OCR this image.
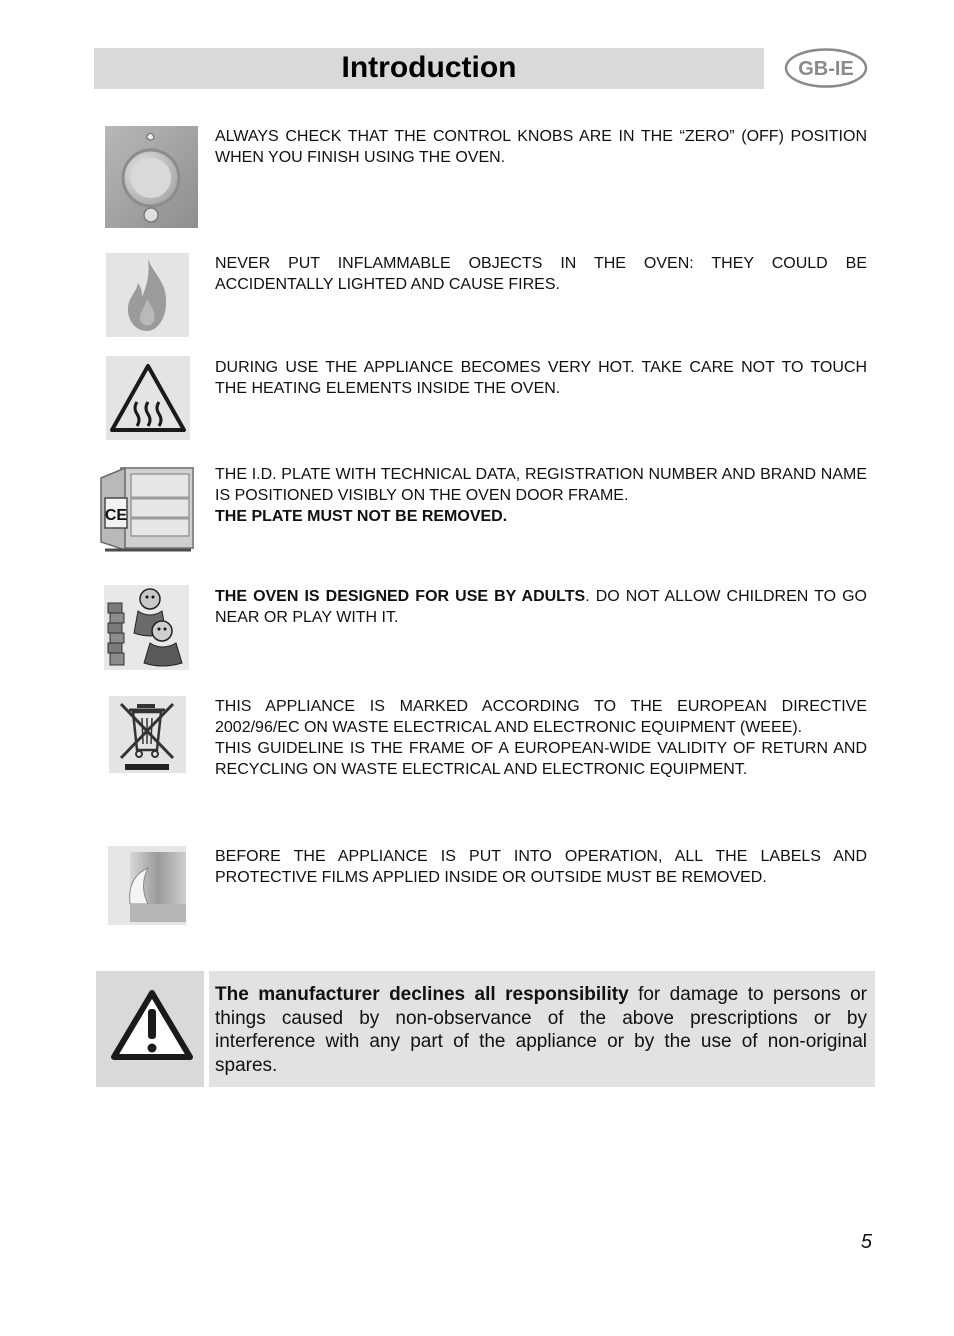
Introduction	GB-IE

ALWAYS CHECK THAT THE CONTROL KNOBS ARE IN THE “ZERO” (OFF) POSITION WHEN YOU FINISH USING THE OVEN.

NEVER PUT INFLAMMABLE OBJECTS IN THE OVEN: THEY COULD BE ACCIDENTALLY LIGHTED AND CAUSE FIRES.

DURING USE THE APPLIANCE BECOMES VERY HOT. TAKE CARE NOT TO TOUCH THE HEATING ELEMENTS INSIDE THE OVEN.

CE

THE I.D. PLATE WITH TECHNICAL DATA, REGISTRATION NUMBER AND BRAND NAME IS POSITIONED VISIBLY ON THE OVEN DOOR FRAME.

THE PLATE MUST NOT BE REMOVED.

THE OVEN IS DESIGNED FOR USE BY ADULTS. DO NOT ALLOW CHILDREN TO GO NEAR OR PLAY WITH IT.

THIS APPLIANCE IS MARKED ACCORDING TO THE EUROPEAN DIRECTIVE 2002/96/EC ON WASTE ELECTRICAL AND ELECTRONIC EQUIPMENT (WEEE).

THIS GUIDELINE IS THE FRAME OF A EUROPEAN-WIDE VALIDITY OF RETURN AND RECYCLING ON WASTE ELECTRICAL AND ELECTRONIC EQUIPMENT.

BEFORE THE APPLIANCE IS PUT INTO OPERATION, ALL THE LABELS AND PROTECTIVE FILMS APPLIED INSIDE OR OUTSIDE MUST BE REMOVED.

The manufacturer declines all responsibility for damage to persons or things caused by non-observance of the above prescriptions or by interference with any part of the appliance or by the use of non-original spares.
5
